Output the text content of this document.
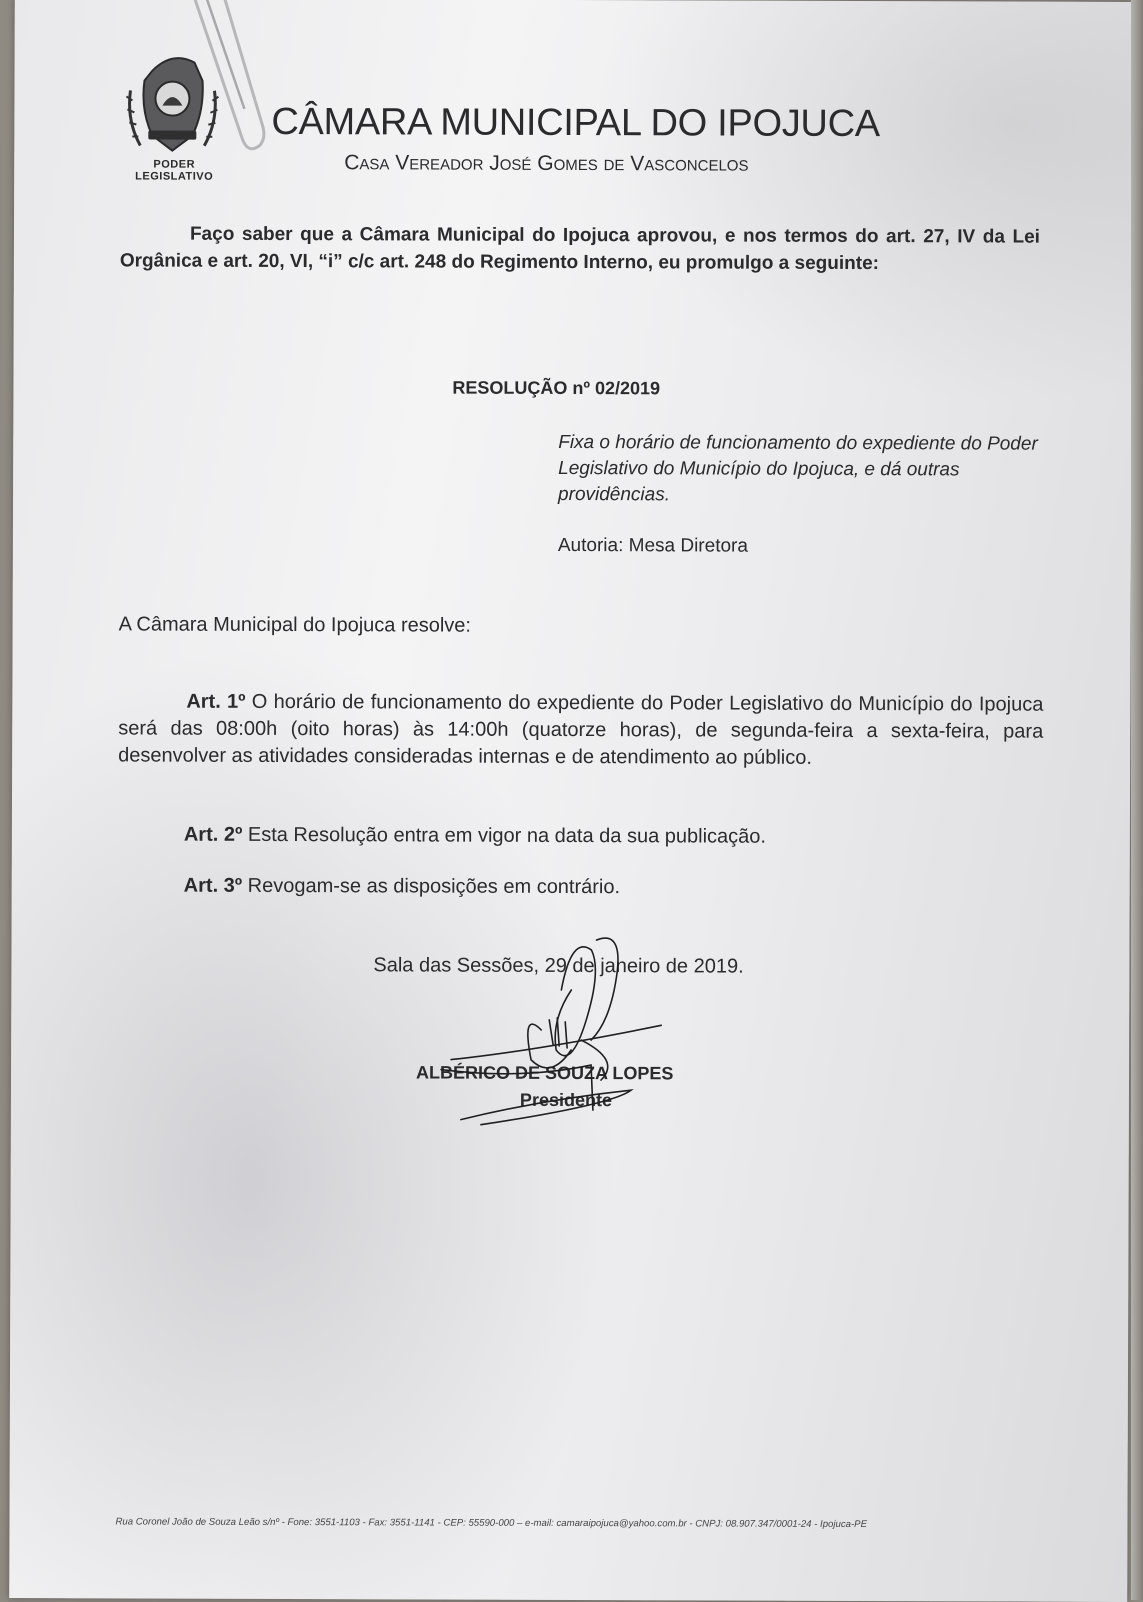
PODER
LEGISLATIVO
CÂMARA MUNICIPAL DO IPOJUCA
Casa Vereador José Gomes de Vasconcelos
Faço saber que a Câmara Municipal do Ipojuca aprovou, e nos termos do art. 27, IV da Lei Orgânica e art. 20, VI, “i” c/c art. 248 do Regimento Interno, eu promulgo a seguinte:
RESOLUÇÃO nº 02/2019
Fixa o horário de funcionamento do expediente do Poder Legislativo do Município do Ipojuca, e dá outras providências.
Autoria: Mesa Diretora
A Câmara Municipal do Ipojuca resolve:
Art. 1º O horário de funcionamento do expediente do Poder Legislativo do Município do Ipojuca será das 08:00h (oito horas) às 14:00h (quatorze horas), de segunda-feira a sexta-feira, para desenvolver as atividades consideradas internas e de atendimento ao público.
Art. 2º Esta Resolução entra em vigor na data da sua publicação.
Art. 3º Revogam-se as disposições em contrário.
Sala das Sessões, 29 de janeiro de 2019.
ALBÉRICO DE SOUZA LOPES
Presidente
Rua Coronel João de Souza Leão s/nº - Fone: 3551-1103 - Fax: 3551-1141 - CEP: 55590-000 – e-mail: camaraipojuca@yahoo.com.br - CNPJ: 08.907.347/0001-24 - Ipojuca-PE
